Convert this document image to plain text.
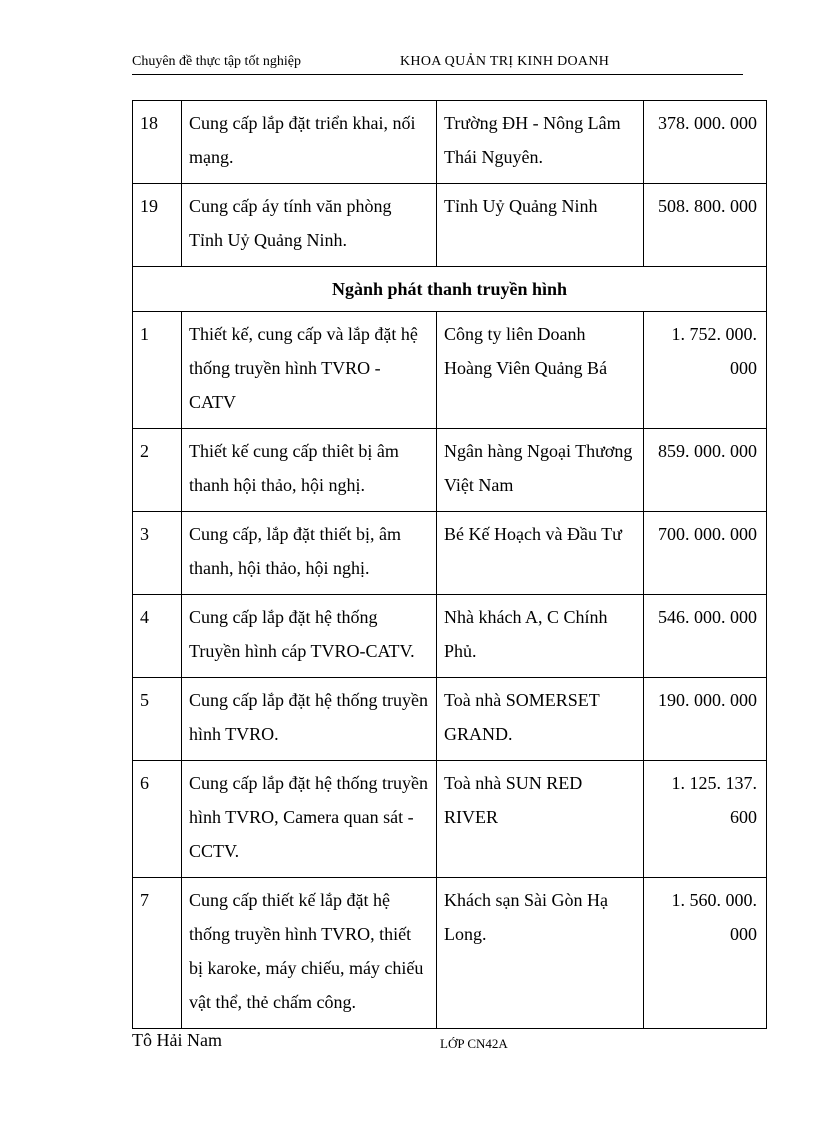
Chuyên đề thực tập tốt nghiệp	KHOA QUẢN TRỊ KINH DOANH
18	Cung cấp lắp đặt triển khai, nối mạng.	Trường ĐH - Nông Lâm Thái Nguyên.	378. 000. 000
19	Cung cấp áy tính văn phòng Tỉnh Uỷ Quảng Ninh.	Tỉnh Uỷ Quảng Ninh	508. 800. 000
Ngành phát thanh truyền hình			
1	Thiết kế, cung cấp và lắp đặt hệ thống truyền hình TVRO - CATV	Công ty liên Doanh Hoàng Viên Quảng Bá	1. 752. 000. 000
2	Thiết kế cung cấp thiêt bị âm thanh hội thảo, hội nghị.	Ngân hàng Ngoại Thương Việt Nam	859. 000. 000
3	Cung cấp, lắp đặt thiết bị, âm thanh, hội thảo, hội nghị.	Bé Kế Hoạch và Đầu Tư	700. 000. 000
4	Cung cấp lắp đặt hệ thống Truyền hình cáp TVRO-CATV.	Nhà khách A, C Chính Phủ.	546. 000. 000
5	Cung cấp lắp đặt hệ thống truyền hình TVRO.	Toà nhà SOMERSET GRAND.	190. 000. 000
6	Cung cấp lắp đặt hệ thống truyền hình TVRO, Camera quan sát - CCTV.	Toà nhà SUN RED RIVER	1. 125. 137. 600
7	Cung cấp thiết kế lắp đặt hệ thống truyền hình TVRO, thiết bị karoke, máy chiếu, máy chiếu vật thể, thẻ chấm công.	Khách sạn Sài Gòn Hạ Long.	1. 560. 000. 000
Tô Hải Nam	LỚP CN42A
